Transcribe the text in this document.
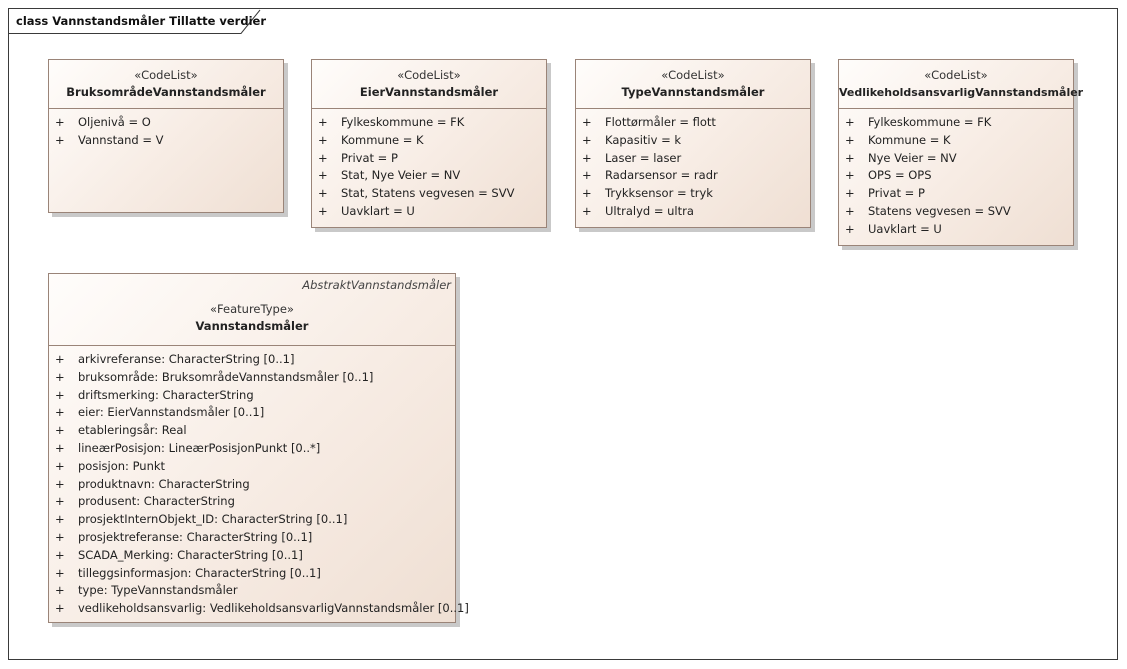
class Vannstandsmåler Tillatte verdier
«CodeList»
BruksområdeVannstandsmåler
+ Oljenivå = O
+ Vannstand = V
«CodeList»
EierVannstandsmåler
+ Fylkeskommune = FK
+ Kommune = K
+ Privat = P
+ Stat, Nye Veier = NV
+ Stat, Statens vegvesen = SVV
+ Uavklart = U
«CodeList»
TypeVannstandsmåler
+ Flottørmåler = flott
+ Kapasitiv = k
+ Laser = laser
+ Radarsensor = radr
+ Trykksensor = tryk
+ Ultralyd = ultra
«CodeList»
VedlikeholdsansvarligVannstandsmåler
+ Fylkeskommune = FK
+ Kommune = K
+ Nye Veier = NV
+ OPS = OPS
+ Privat = P
+ Statens vegvesen = SVV
+ Uavklart = U
AbstraktVannstandsmåler
«FeatureType»
Vannstandsmåler
+ arkivreferanse: CharacterString [0..1]
+ bruksområde: BruksområdeVannstandsmåler [0..1]
+ driftsmerking: CharacterString
+ eier: EierVannstandsmåler [0..1]
+ etableringsår: Real
+ lineærPosisjon: LineærPosisjonPunkt [0..*]
+ posisjon: Punkt
+ produktnavn: CharacterString
+ produsent: CharacterString
+ prosjektInternObjekt_ID: CharacterString [0..1]
+ prosjektreferanse: CharacterString [0..1]
+ SCADA_Merking: CharacterString [0..1]
+ tilleggsinformasjon: CharacterString [0..1]
+ type: TypeVannstandsmåler
+ vedlikeholdsansvarlig: VedlikeholdsansvarligVannstandsmåler [0..1]
